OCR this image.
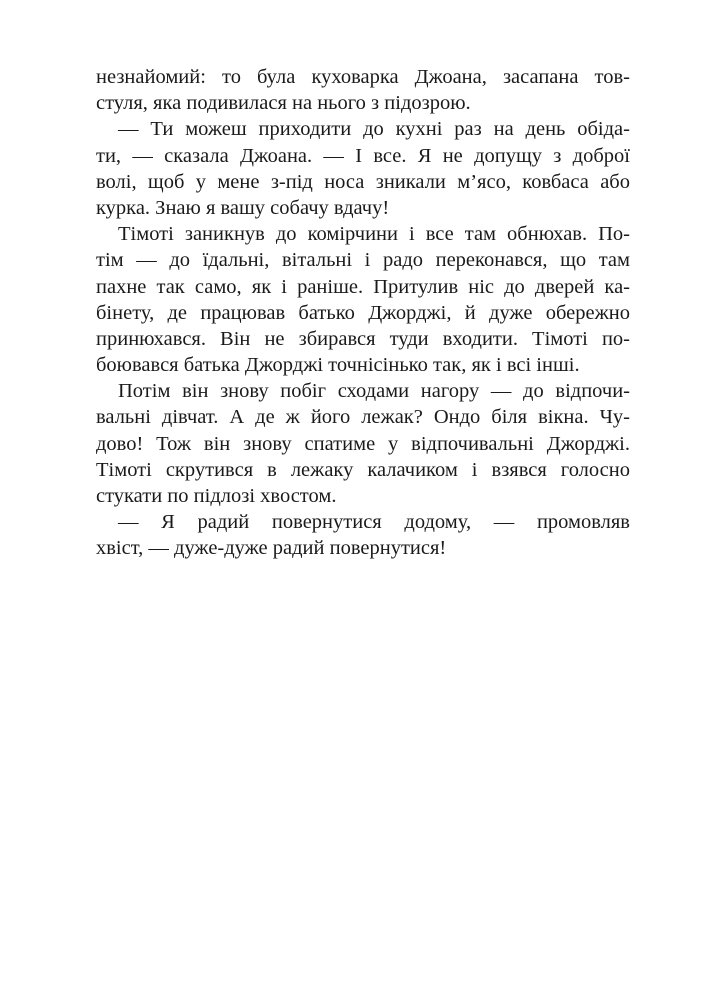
незнайомий: то була куховарка Джоана, засапана тов-
стуля, яка подивилася на нього з підозрою.
— Ти можеш приходити до кухні раз на день обіда-
ти, — сказала Джоана. — І все. Я не допущу з доброї
волі, щоб у мене з-під носа зникали м’ясо, ковбаса або
курка. Знаю я вашу собачу вдачу!
Тімоті заникнув до комірчини і все там обнюхав. По-
тім — до їдальні, вітальні і радо переконався, що там
пахне так само, як і раніше. Притулив ніс до дверей ка-
бінету, де працював батько Джорджі, й дуже обережно
принюхався. Він не збирався туди входити. Тімоті по-
боювався батька Джорджі точнісінько так, як і всі інші.
Потім він знову побіг сходами нагору — до відпочи-
вальні дівчат. А де ж його лежак? Ондо біля вікна. Чу-
дово! Тож він знову спатиме у відпочивальні Джорджі.
Тімоті скрутився в лежаку калачиком і взявся голосно
стукати по підлозі хвостом.
— Я радий повернутися додому, — промовляв
хвіст, — дуже-дуже радий повернутися!
